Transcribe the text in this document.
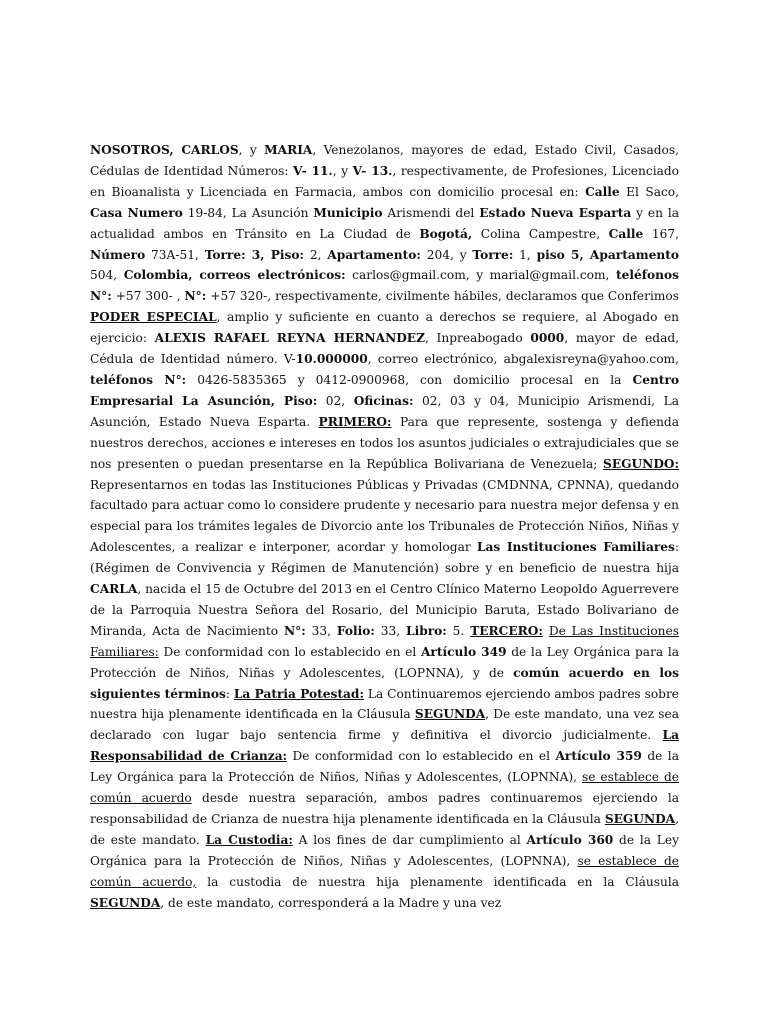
NOSOTROS, CARLOS, y MARIA, Venezolanos, mayores de edad, Estado Civil, Casados, Cédulas de Identidad Números: V- 11., y V- 13., respectivamente, de Profesiones, Licenciado en Bioanalista y Licenciada en Farmacia, ambos con domicilio procesal en: Calle El Saco, Casa Numero 19-84, La Asunción Municipio Arismendi del Estado Nueva Esparta y en la actualidad ambos en Tránsito en La Ciudad de Bogotá, Colina Campestre, Calle 167, Número 73A-51, Torre: 3, Piso: 2, Apartamento: 204, y Torre: 1, piso 5, Apartamento 504, Colombia, correos electrónicos: carlos@gmail.com, y marial@gmail.com, teléfonos N°: +57 300- , N°: +57 320-, respectivamente, civilmente hábiles, declaramos que Conferimos PODER ESPECIAL, amplio y suficiente en cuanto a derechos se requiere, al Abogado en ejercicio: ALEXIS RAFAEL REYNA HERNANDEZ, Inpreabogado 0000, mayor de edad, Cédula de Identidad número. V-10.000000, correo electrónico, abgalexisreyna@yahoo.com, teléfonos N°: 0426-5835365 y 0412-0900968, con domicilio procesal en la Centro Empresarial La Asunción, Piso: 02, Oficinas: 02, 03 y 04, Municipio Arismendi, La Asunción, Estado Nueva Esparta. PRIMERO: Para que represente, sostenga y defienda nuestros derechos, acciones e intereses en todos los asuntos judiciales o extrajudiciales que se nos presenten o puedan presentarse en la República Bolivariana de Venezuela; SEGUNDO: Representarnos en todas las Instituciones Públicas y Privadas (CMDNNA, CPNNA), quedando facultado para actuar como lo considere prudente y necesario para nuestra mejor defensa y en especial para los trámites legales de Divorcio ante los Tribunales de Protección Niños, Niñas y Adolescentes, a realizar e interponer, acordar y homologar Las Instituciones Familiares: (Régimen de Convivencia y Régimen de Manutención) sobre y en beneficio de nuestra hija CARLA, nacida el 15 de Octubre del 2013 en el Centro Clínico Materno Leopoldo Aguerrevere de la Parroquia Nuestra Señora del Rosario, del Municipio Baruta, Estado Bolivariano de Miranda, Acta de Nacimiento N°: 33, Folio: 33, Libro: 5. TERCERO: De Las Instituciones Familiares: De conformidad con lo establecido en el Artículo 349 de la Ley Orgánica para la Protección de Niños, Niñas y Adolescentes, (LOPNNA), y de común acuerdo en los siguientes términos: La Patria Potestad: La Continuaremos ejerciendo ambos padres sobre nuestra hija plenamente identificada en la Cláusula SEGUNDA, De este mandato, una vez sea declarado con lugar bajo sentencia firme y definitiva el divorcio judicialmente. La Responsabilidad de Crianza: De conformidad con lo establecido en el Artículo 359 de la Ley Orgánica para la Protección de Niños, Niñas y Adolescentes, (LOPNNA), se establece de común acuerdo desde nuestra separación, ambos padres continuaremos ejerciendo la responsabilidad de Crianza de nuestra hija plenamente identificada en la Cláusula SEGUNDA, de este mandato. La Custodia: A los fines de dar cumplimiento al Artículo 360 de la Ley Orgánica para la Protección de Niños, Niñas y Adolescentes, (LOPNNA), se establece de común acuerdo, la custodia de nuestra hija plenamente identificada en la Cláusula SEGUNDA, de este mandato, corresponderá a la Madre y una vez
